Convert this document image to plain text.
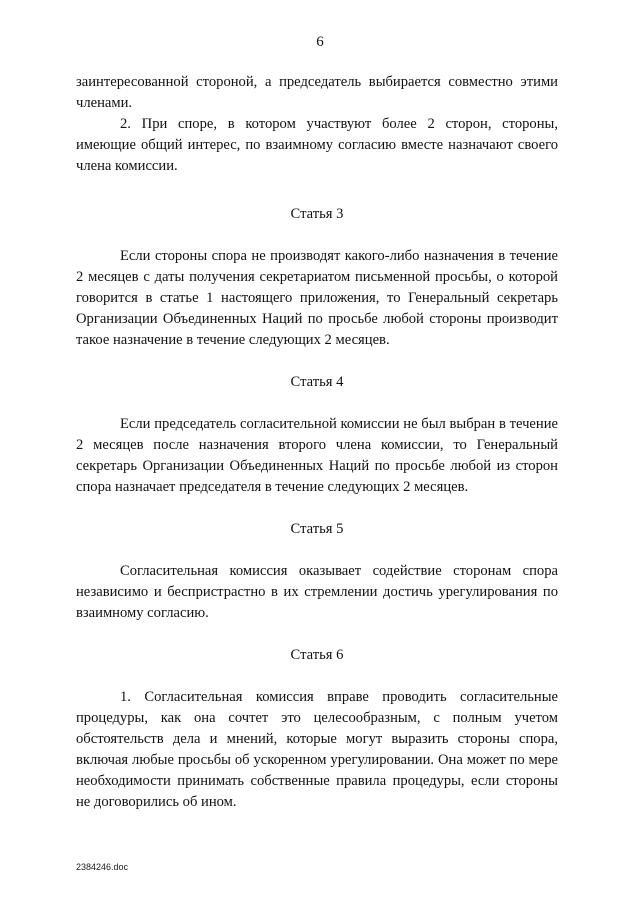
6

заинтересованной стороной, а председатель выбирается совместно этими членами.

2. При споре, в котором участвуют более 2 сторон, стороны, имеющие общий интерес, по взаимному согласию вместе назначают своего члена комиссии.

Статья 3

Если стороны спора не производят какого-либо назначения в течение 2 месяцев с даты получения секретариатом письменной просьбы, о которой говорится в статье 1 настоящего приложения, то Генеральный секретарь Организации Объединенных Наций по просьбе любой стороны производит такое назначение в течение следующих 2 месяцев.

Статья 4

Если председатель согласительной комиссии не был выбран в течение 2 месяцев после назначения второго члена комиссии, то Генеральный секретарь Организации Объединенных Наций по просьбе любой из сторон спора назначает председателя в течение следующих 2 месяцев.

Статья 5

Согласительная комиссия оказывает содействие сторонам спора независимо и беспристрастно в их стремлении достичь урегулирования по взаимному согласию.

Статья 6

1. Согласительная комиссия вправе проводить согласительные процедуры, как она сочтет это целесообразным, с полным учетом обстоятельств дела и мнений, которые могут выразить стороны спора, включая любые просьбы об ускоренном урегулировании. Она может по мере необходимости принимать собственные правила процедуры, если стороны не договорились об ином.

2384246.doc
